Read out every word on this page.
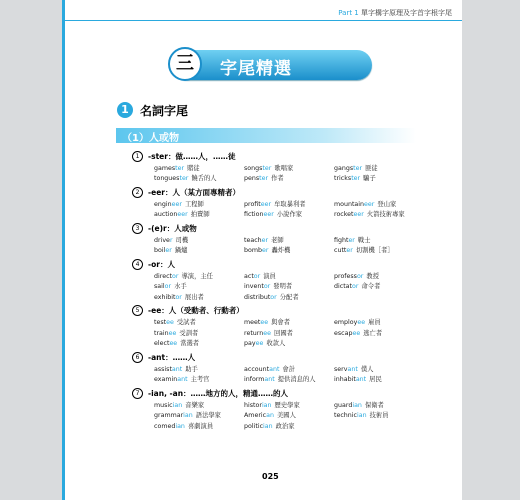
Part 1 單字構字原理及字首字根字尾
三	字尾精選
1 名詞字尾
（1）人或物
1	-ster：做……人，……徒
gamester 賭徒	songster 歌唱家	gangster 匪徒
tonguester 饒舌的人	penster 作者	trickster 騙子
2	-eer：人（某方面專精者）
engineer 工程師	profiteer 牟取暴利者	mountaineer 登山家
auctioneer 拍賣師	fictioneer 小說作家	rocketeer 火箭技術專家
3	-(e)r：人或物
driver 司機	teacher 老師	fighter 戰士
boiler 鍋爐	bomber 轟炸機	cutter 切割機［者］
4	-or：人
director 導演，主任	actor 演員	professor 教授
sailor 水手	inventor 發明者	dictator 命令者
exhibitor 展出者	distributor 分配者
5	-ee：人（受動者、行動者）
testee 受試者	meetee 與會者	employee 雇員
trainee 受訓者	returnee 回國者	escapee 逃亡者
electee 當選者	payee 收款人
6	-ant：……人
assistant 助手	accountant 會計	servant 僕人
examinant 主考官	informant 提供消息的人	inhabitant 居民
7	-ian, -an：……地方的人，精通……的人
musician 音樂家	historian 歷史學家	guardian 保衛者
grammarian 語法學家	American 美國人	technician 技術員
comedian 喜劇演員	politician 政治家
025
